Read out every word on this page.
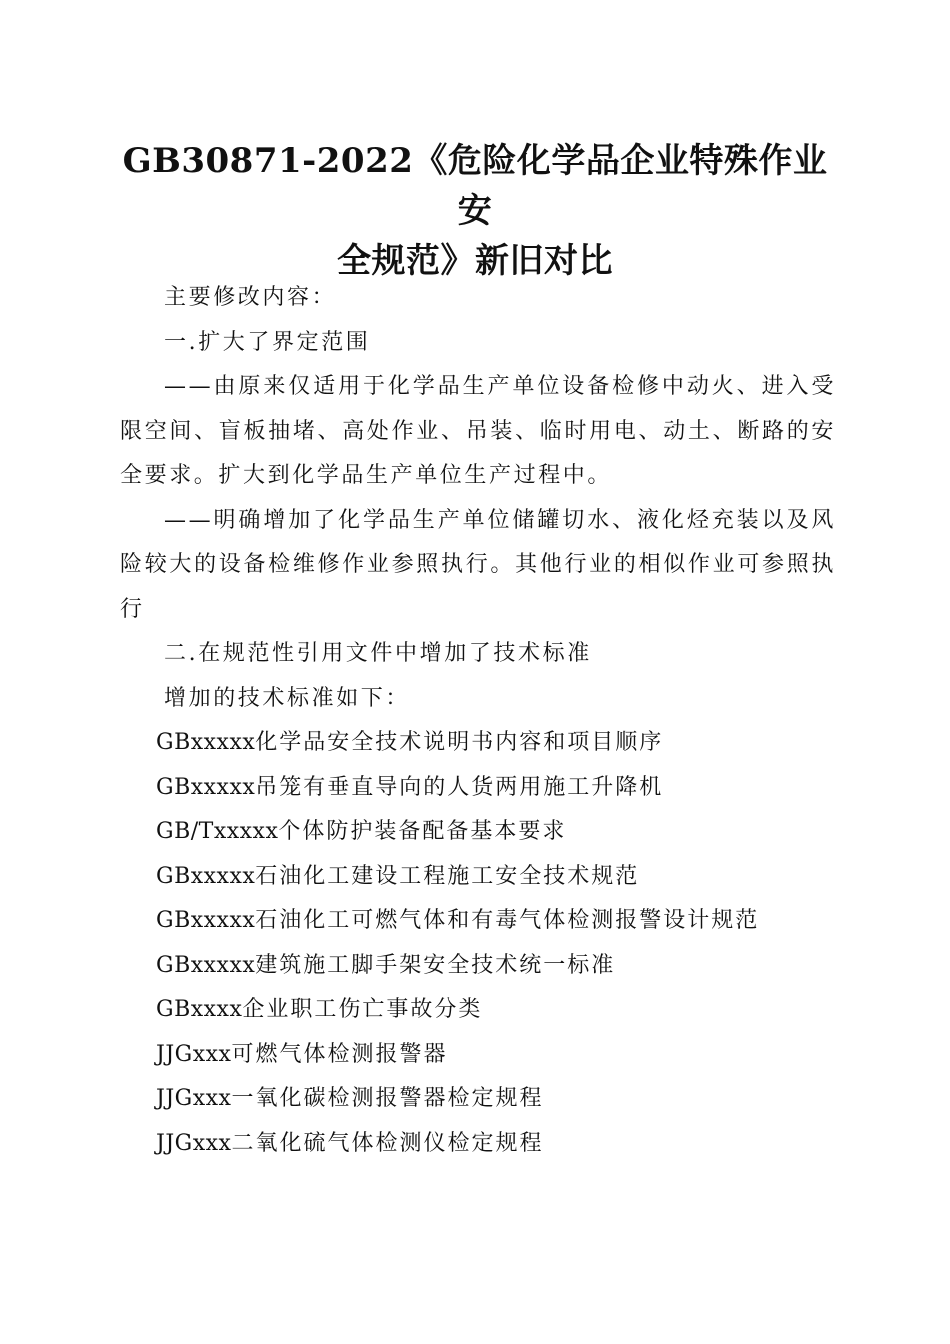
GB30871-2022《危险化学品企业特殊作业安
全规范》新旧对比

主要修改内容：

一.扩大了界定范围

——由原来仅适用于化学品生产单位设备检修中动火、进入受限空间、盲板抽堵、高处作业、吊装、临时用电、动土、断路的安全要求。扩大到化学品生产单位生产过程中。

——明确增加了化学品生产单位储罐切水、液化烃充装以及风险较大的设备检维修作业参照执行。其他行业的相似作业可参照执行

二.在规范性引用文件中增加了技术标准

增加的技术标准如下：

GBxxxxx化学品安全技术说明书内容和项目顺序

GBxxxxx吊笼有垂直导向的人货两用施工升降机

GB/Txxxxx个体防护装备配备基本要求

GBxxxxx石油化工建设工程施工安全技术规范

GBxxxxx石油化工可燃气体和有毒气体检测报警设计规范

GBxxxxx建筑施工脚手架安全技术统一标准

GBxxxx企业职工伤亡事故分类

JJGxxx可燃气体检测报警器

JJGxxx一氧化碳检测报警器检定规程

JJGxxx二氧化硫气体检测仪检定规程
